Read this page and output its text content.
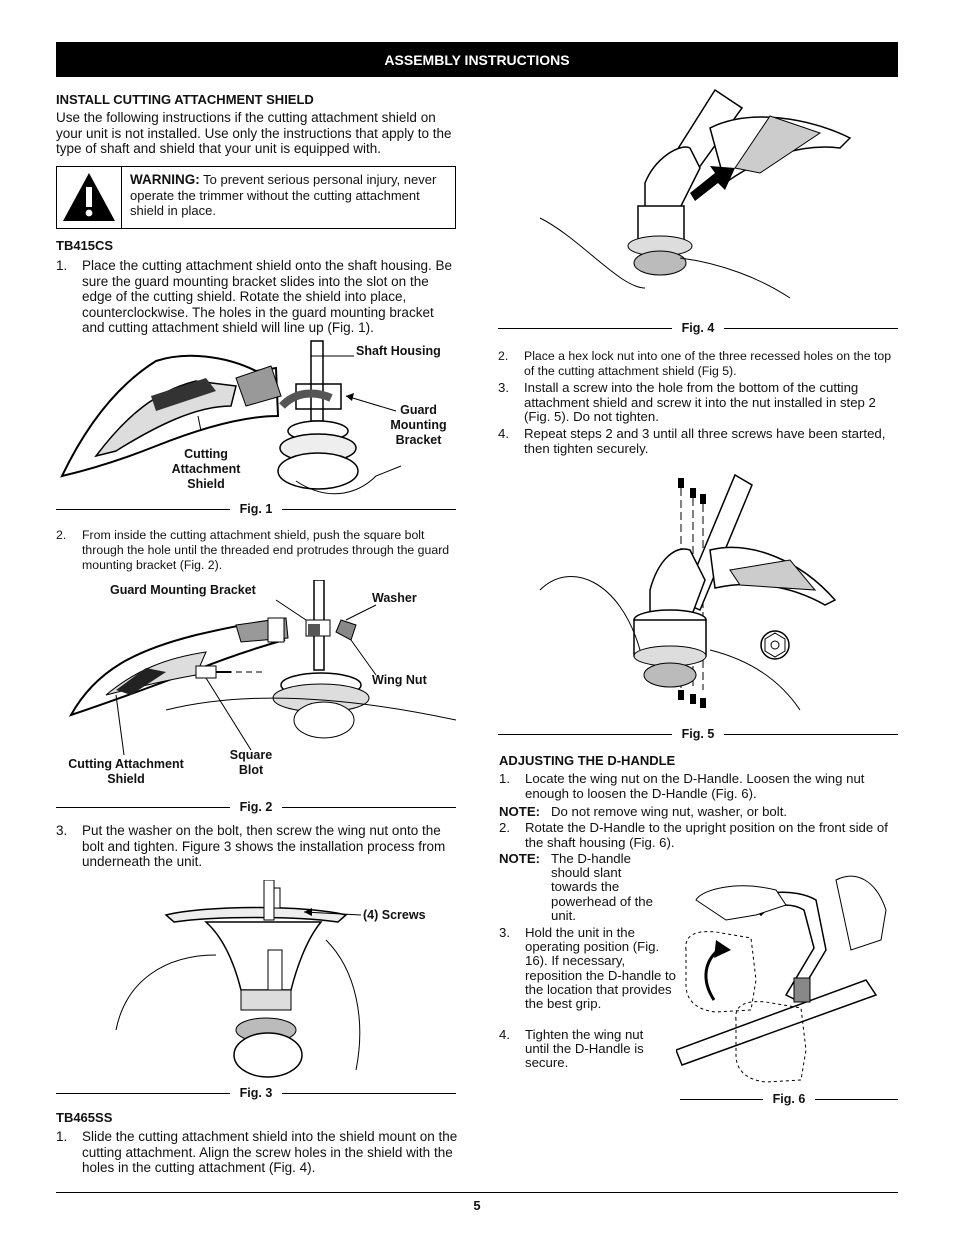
ASSEMBLY INSTRUCTIONS
INSTALL CUTTING ATTACHMENT SHIELD
Use the following instructions if the cutting attachment shield on your unit is not installed. Use only the instructions that apply to the type of shaft and shield that your unit is equipped with.
WARNING: To prevent serious personal injury, never operate the trimmer without the cutting attachment shield in place.
TB415CS
1.	Place the cutting attachment shield onto the shaft housing. Be sure the guard mounting bracket slides into the slot on the edge of the cutting shield. Rotate the shield into place, counterclockwise. The holes in the guard mounting bracket and cutting attachment shield will line up (Fig. 1).
Shaft Housing
Guard
Mounting
Bracket
Cutting
Attachment
Shield
Fig. 1
2.	From inside the cutting attachment shield, push the square bolt through the hole until the threaded end protrudes through the guard mounting bracket (Fig. 2).
Guard Mounting Bracket
Washer
Wing Nut
Cutting Attachment
Shield
Square
Blot
Fig. 2
3.	Put the washer on the bolt, then screw the wing nut onto the bolt and tighten. Figure 3 shows the installation process from underneath the unit.
(4) Screws
Fig. 3
TB465SS
1.	Slide the cutting attachment shield into the shield mount on the cutting attachment. Align the screw holes in the shield with the holes in the cutting attachment (Fig. 4).
Fig. 4
2.	Place a hex lock nut into one of the three recessed holes on the top of the cutting attachment shield (Fig 5).
3.	Install a screw into the hole from the bottom of the cutting attachment shield and screw it into the nut installed in step 2 (Fig. 5). Do not tighten.
4.	Repeat steps 2 and 3 until all three screws have been started, then tighten securely.
Fig. 5
ADJUSTING THE D-HANDLE
1.	Locate the wing nut on the D-Handle. Loosen the wing nut enough to loosen the D-Handle (Fig. 6).
NOTE: Do not remove wing nut, washer, or bolt.
2.	Rotate the D-Handle to the upright position on the front side of the shaft housing (Fig. 6).
NOTE: The D-handle should slant towards the powerhead of the unit.
3.	Hold the unit in the operating position (Fig. 16). If necessary, reposition the D-handle to the location that provides the best grip.
4.	Tighten the wing nut until the D-Handle is secure.
Fig. 6
5
